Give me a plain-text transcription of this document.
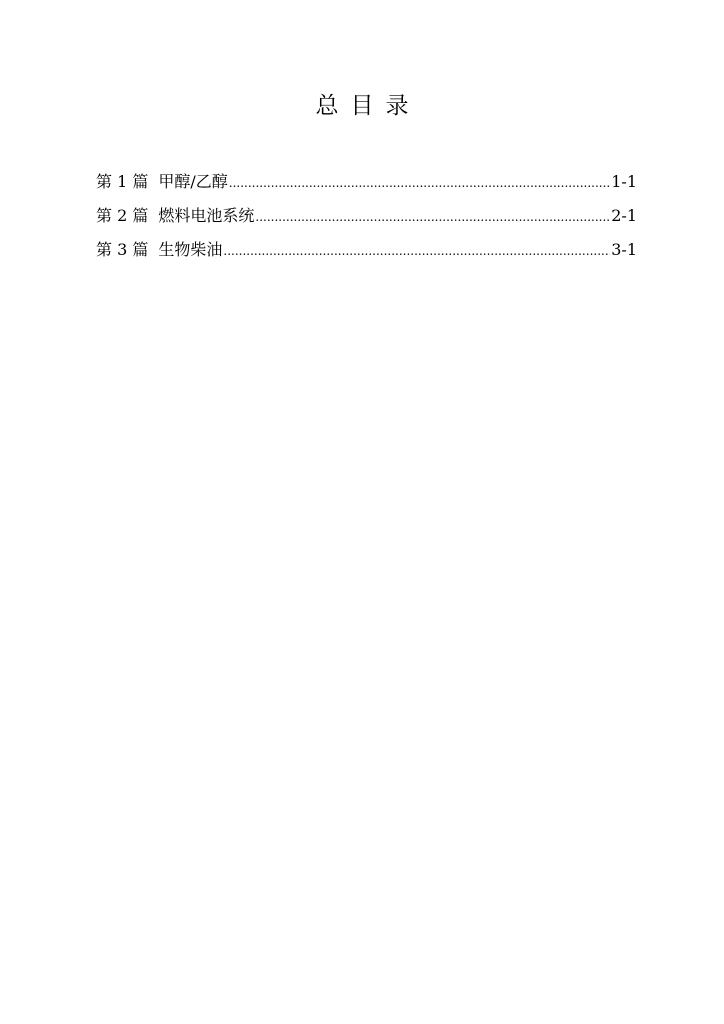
总目录
第 1 篇 甲醇/乙醇 .....	1-1
第 2 篇 燃料电池系统 .....	2-1
第 3 篇 生物柴油 .....	3-1
